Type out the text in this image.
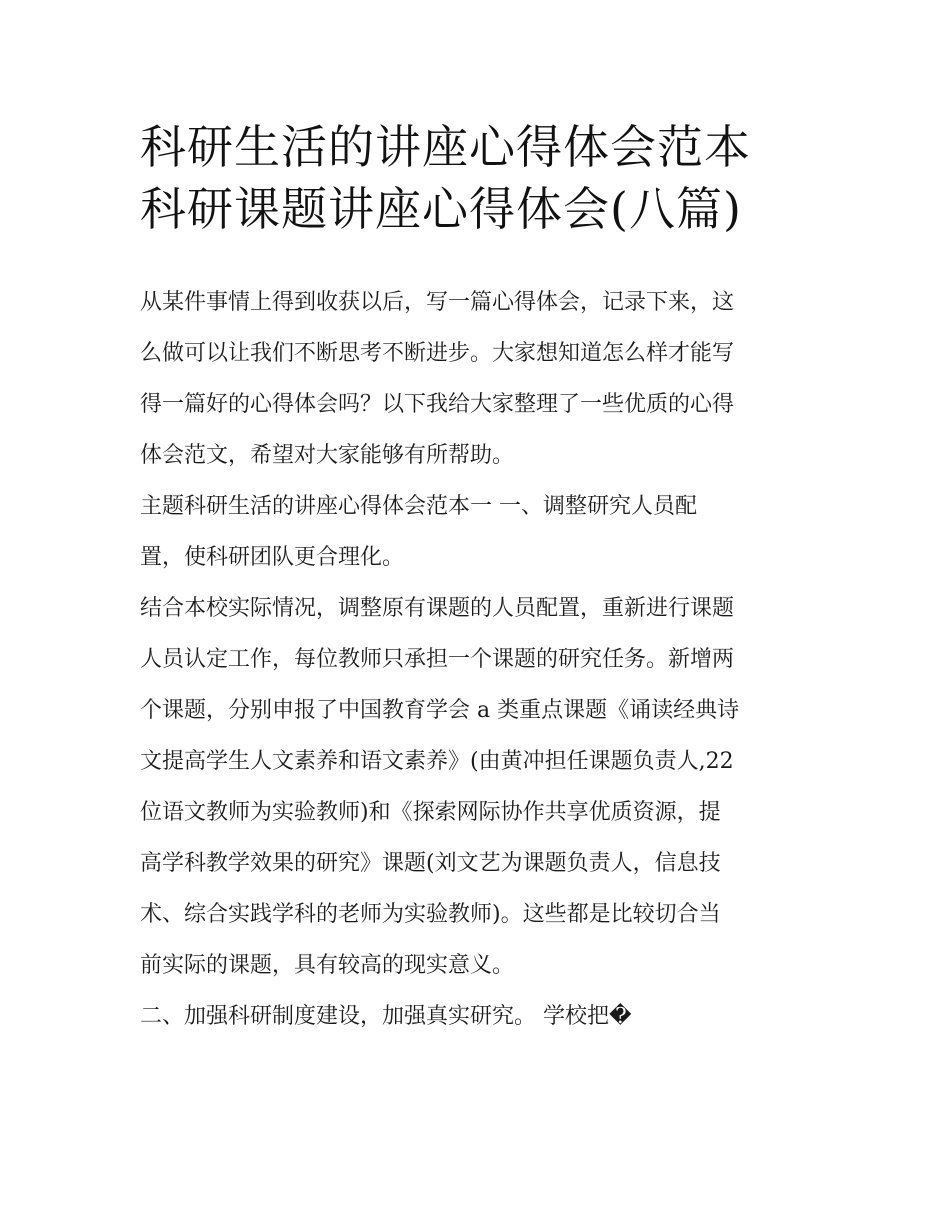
科研生活的讲座心得体会范本
科研课题讲座心得体会(八篇)

从某件事情上得到收获以后，写一篇心得体会，记录下来，这
么做可以让我们不断思考不断进步。大家想知道怎么样才能写
得一篇好的心得体会吗？以下我给大家整理了一些优质的心得
体会范文，希望对大家能够有所帮助。

主题科研生活的讲座心得体会范本一 一、调整研究人员配
置，使科研团队更合理化。

结合本校实际情况，调整原有课题的人员配置，重新进行课题
人员认定工作，每位教师只承担一个课题的研究任务。新增两
个课题，分别申报了中国教育学会 a 类重点课题《诵读经典诗
文提高学生人文素养和语文素养》(由黄冲担任课题负责人,22
位语文教师为实验教师)和《探索网际协作共享优质资源，提
高学科教学效果的研究》课题(刘文艺为课题负责人，信息技
术、综合实践学科的老师为实验教师)。这些都是比较切合当
前实际的课题，具有较高的现实意义。

二、加强科研制度建设，加强真实研究。 学校把�
